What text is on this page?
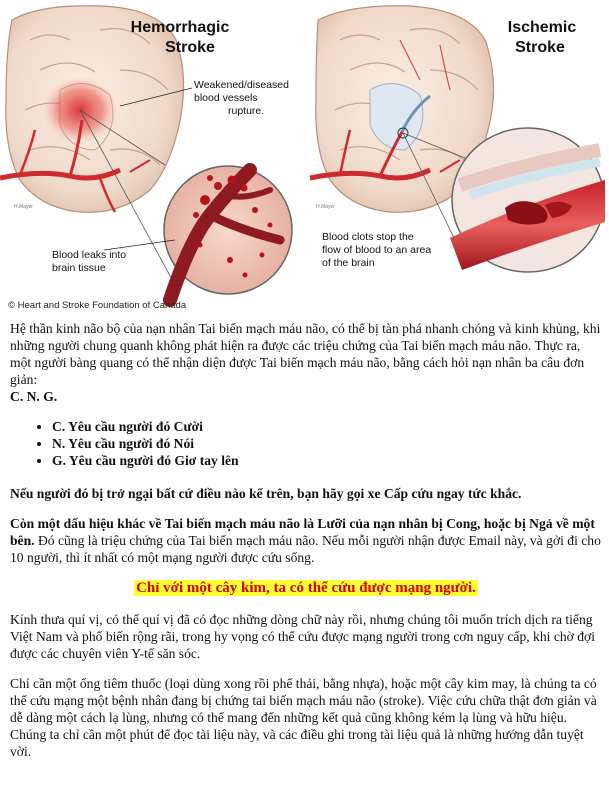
Hemorrhagic
Stroke
Ischemic
Stroke
Weakened/diseased
blood vessels
rupture.
Blood leaks into
brain tissue
Blood clots stop the
flow of blood to an area
of the brain
H.Mayer	H.Mayer
© Heart and Stroke Foundation of Canada

Hệ thần kinh não bộ của nạn nhân Tai biến mạch máu não, có thể bị tàn phá nhanh chóng và kinh khủng, khi những người chung quanh không phát hiện ra được các triệu chứng của Tai biến mạch máu não. Thực ra, một người bàng quang có thể nhận diện được Tai biến mạch máu não, bằng cách hỏi nạn nhân ba câu đơn giản:

C. N. G.

• C. Yêu cầu người đó Cười
• N. Yêu cầu người đó Nói
• G. Yêu cầu người đó Giơ tay lên

Nếu người đó bị trở ngại bất cứ điều nào kể trên, bạn hãy gọi xe Cấp cứu ngay tức khắc.

Còn một dấu hiệu khác về Tai biến mạch máu não là Lưỡi của nạn nhân bị Cong, hoặc bị Ngả về một bên. Đó cũng là triệu chứng của Tai biến mạch máu não. Nếu mỗi người nhận được Email này, và gởi đi cho 10 người, thì ít nhất có một mạng người được cứu sống.

Chỉ với một cây kim, ta có thể cứu được mạng người.

Kính thưa quí vị, có thể quí vị đã có đọc những dòng chữ này rồi, nhưng chúng tôi muốn trích dịch ra tiếng Việt Nam và phổ biến rộng rãi, trong hy vọng có thể cứu được mạng người trong cơn nguy cấp, khi chờ đợi được các chuyên viên Y-tế săn sóc.

Chỉ cần một ống tiêm thuốc (loại dùng xong rồi phế thải, bằng nhựa), hoặc một cây kim may, là chúng ta có thể cứu mạng một bệnh nhân đang bị chứng tai biến mạch máu não (stroke). Việc cứu chữa thật đơn giản và dễ dàng một cách lạ lùng, nhưng có thể mang đến những kết quả cũng không kém lạ lùng và hữu hiệu. Chúng ta chỉ cần một phút để đọc tài liệu này, và các điều ghi trong tài liệu quả là những hướng dẫn tuyệt vời.
